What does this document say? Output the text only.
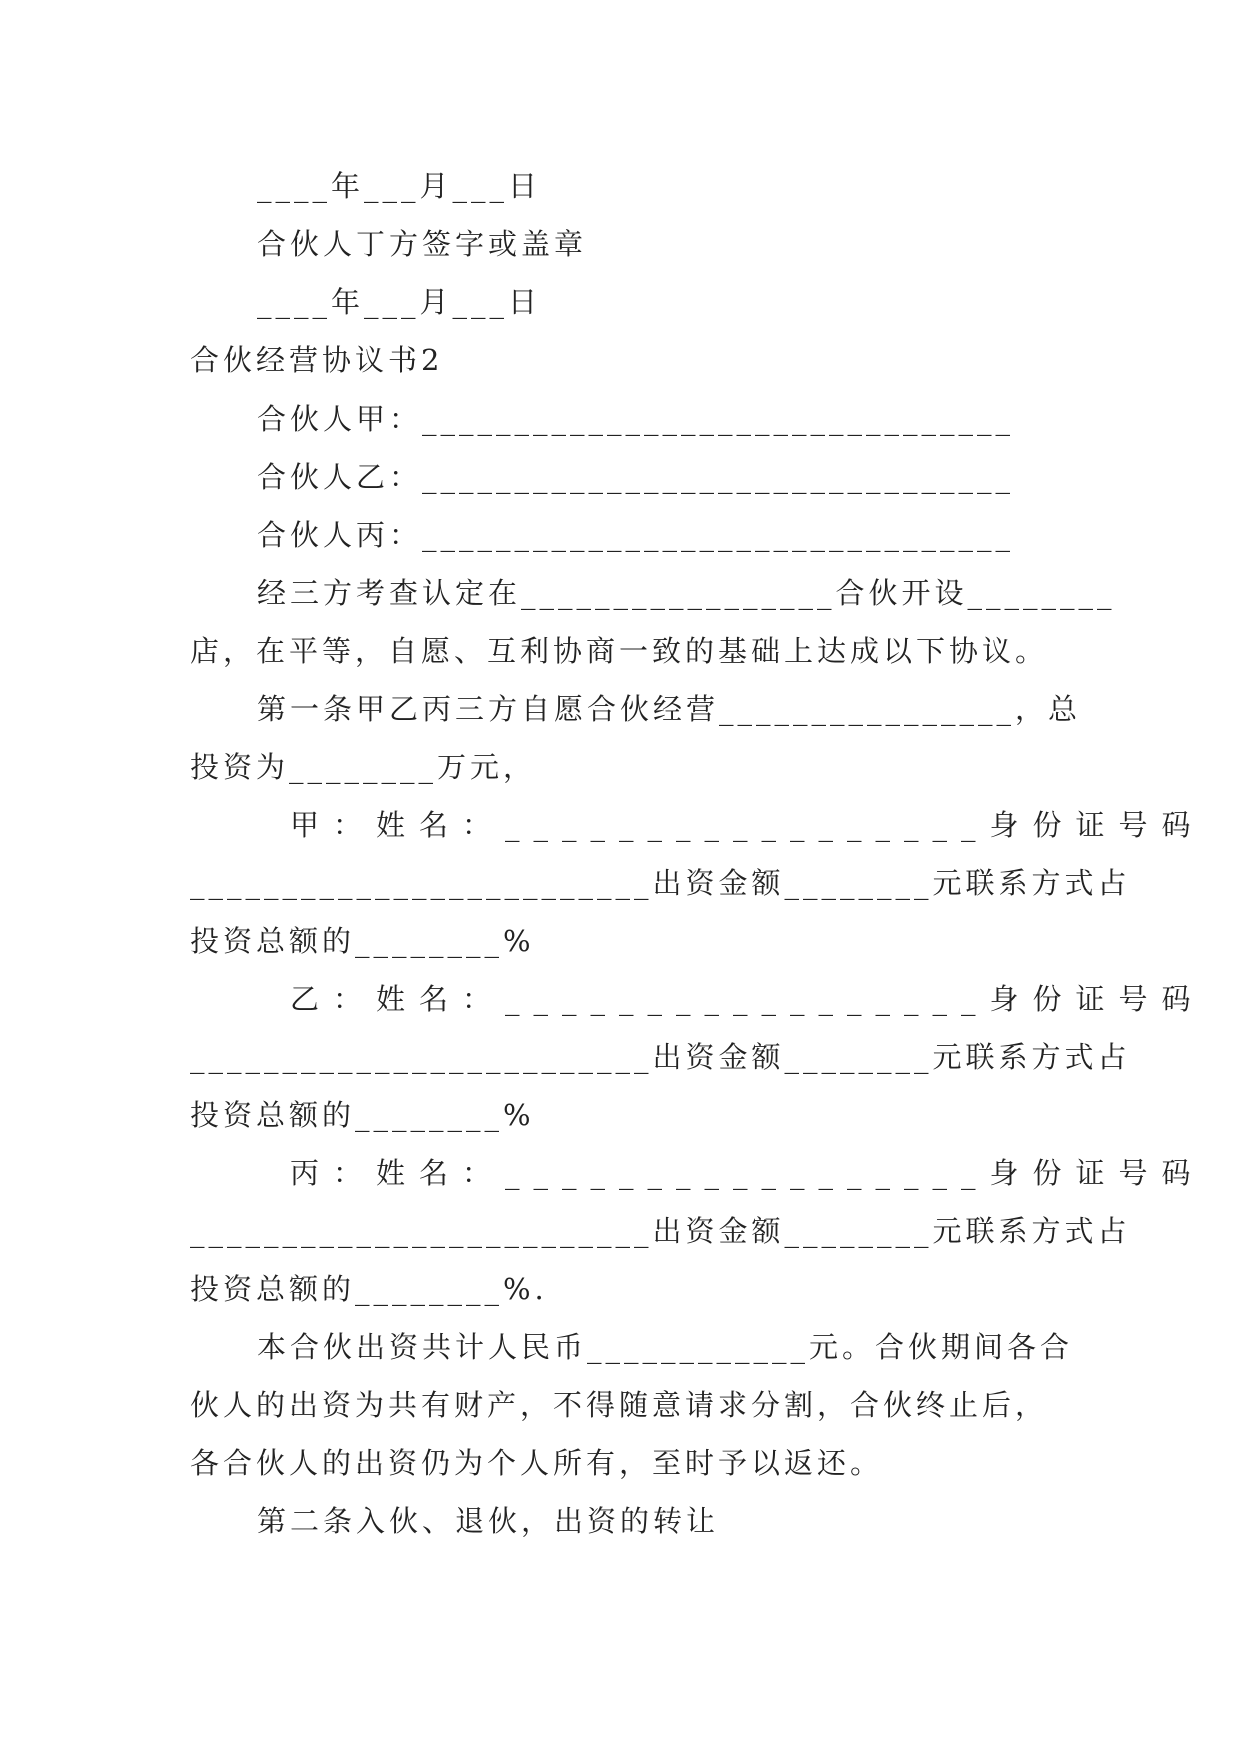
____年___月___日
合伙人丁方签字或盖章
____年___月___日
合伙经营协议书2
合伙人甲：________________________________
合伙人乙：________________________________
合伙人丙：________________________________
经三方考查认定在_________________合伙开设________
店，在平等，自愿、互利协商一致的基础上达成以下协议。
第一条甲乙丙三方自愿合伙经营________________，总
投资为________万元，
甲：姓名：_________________身份证号码
_________________________出资金额________元联系方式占
投资总额的________%
乙：姓名：_________________身份证号码
_________________________出资金额________元联系方式占
投资总额的________%
丙：姓名：_________________身份证号码
_________________________出资金额________元联系方式占
投资总额的________%.
本合伙出资共计人民币____________元。合伙期间各合
伙人的出资为共有财产，不得随意请求分割，合伙终止后，
各合伙人的出资仍为个人所有，至时予以返还。
第二条入伙、退伙，出资的转让
